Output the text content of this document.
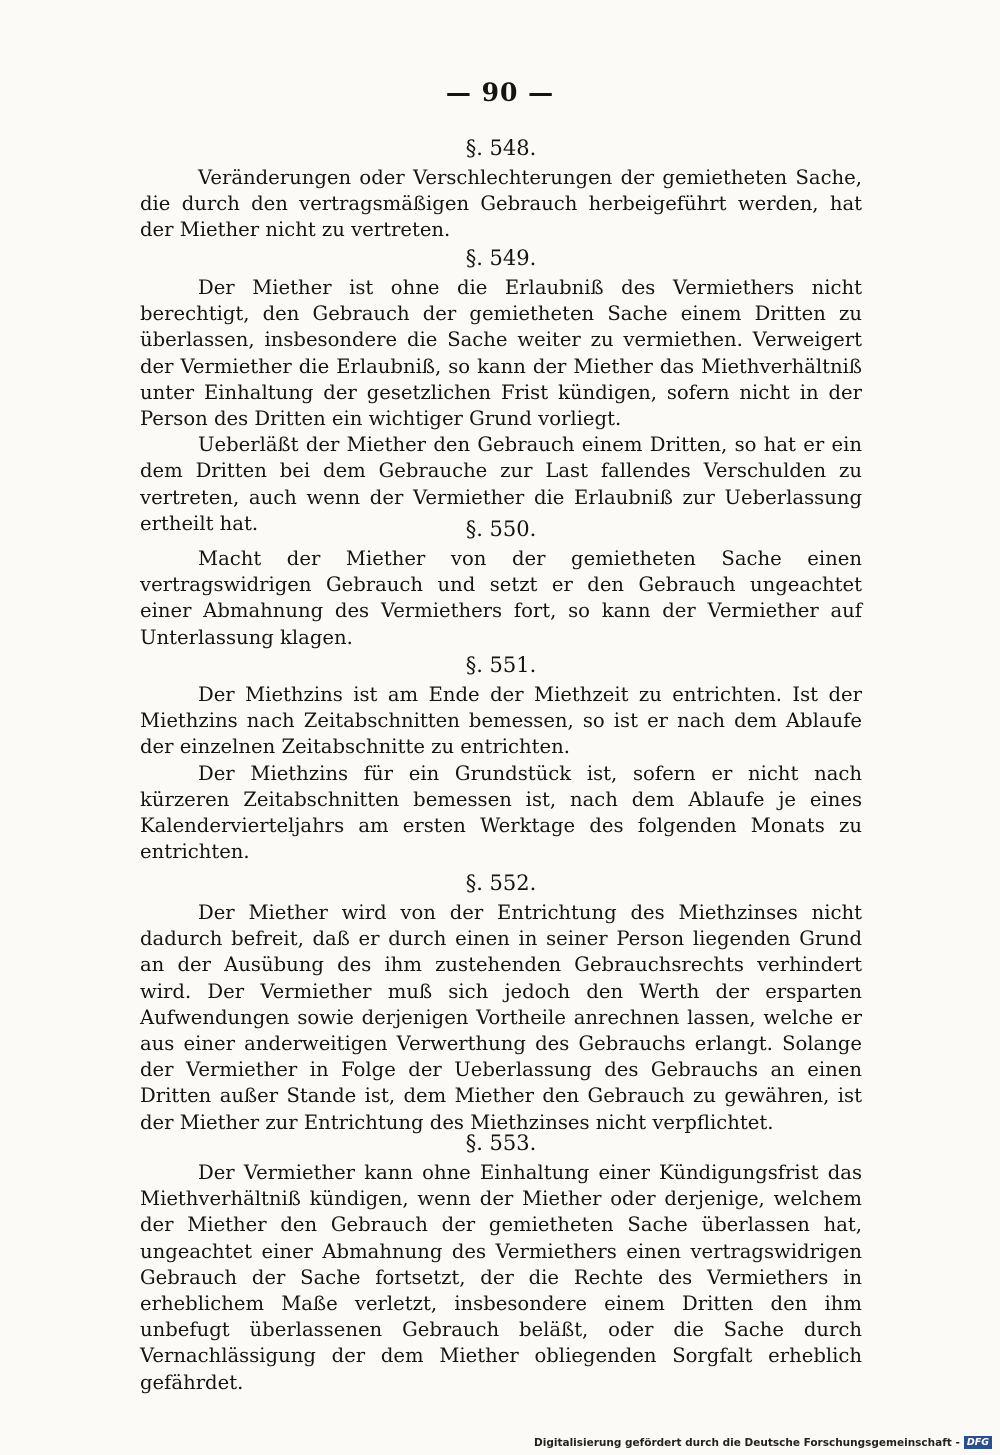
— 90 —
§. 548.

Veränderungen oder Verschlechterungen der gemietheten Sache, die durch den vertragsmäßigen Gebrauch herbeigeführt werden, hat der Miether nicht zu vertreten.

§. 549.

Der Miether ist ohne die Erlaubniß des Vermiethers nicht berechtigt, den Gebrauch der gemietheten Sache einem Dritten zu überlassen, insbesondere die Sache weiter zu vermiethen. Verweigert der Vermiether die Erlaubniß, so kann der Miether das Miethverhältniß unter Einhaltung der gesetzlichen Frist kündigen, sofern nicht in der Person des Dritten ein wichtiger Grund vorliegt.

Ueberläßt der Miether den Gebrauch einem Dritten, so hat er ein dem Dritten bei dem Gebrauche zur Last fallendes Verschulden zu vertreten, auch wenn der Vermiether die Erlaubniß zur Ueberlassung ertheilt hat.	§. 550.

Macht der Miether von der gemietheten Sache einen vertragswidrigen Gebrauch und setzt er den Gebrauch ungeachtet einer Abmahnung des Vermiethers fort, so kann der Vermiether auf Unterlassung klagen.

§. 551.

Der Miethzins ist am Ende der Miethzeit zu entrichten. Ist der Miethzins nach Zeitabschnitten bemessen, so ist er nach dem Ablaufe der einzelnen Zeitabschnitte zu entrichten.

Der Miethzins für ein Grundstück ist, sofern er nicht nach kürzeren Zeitabschnitten bemessen ist, nach dem Ablaufe je eines Kalendervierteljahrs am ersten Werktage des folgenden Monats zu entrichten.

§. 552.

Der Miether wird von der Entrichtung des Miethzinses nicht dadurch befreit, daß er durch einen in seiner Person liegenden Grund an der Ausübung des ihm zustehenden Gebrauchsrechts verhindert wird. Der Vermiether muß sich jedoch den Werth der ersparten Aufwendungen sowie derjenigen Vortheile anrechnen lassen, welche er aus einer anderweitigen Verwerthung des Gebrauchs erlangt. Solange der Vermiether in Folge der Ueberlassung des Gebrauchs an einen Dritten außer Stande ist, dem Miether den Gebrauch zu gewähren, ist der Miether zur Entrichtung des Miethzinses nicht verpflichtet.

§. 553.

Der Vermiether kann ohne Einhaltung einer Kündigungsfrist das Miethverhältniß kündigen, wenn der Miether oder derjenige, welchem der Miether den Gebrauch der gemietheten Sache überlassen hat, ungeachtet einer Abmahnung des Vermiethers einen vertragswidrigen Gebrauch der Sache fortsetzt, der die Rechte des Vermiethers in erheblichem Maße verletzt, insbesondere einem Dritten den ihm unbefugt überlassenen Gebrauch beläßt, oder die Sache durch Vernachlässigung der dem Miether obliegenden Sorgfalt erheblich gefährdet.

Digitalisierung gefördert durch die Deutsche Forschungsgemeinschaft - DFG
